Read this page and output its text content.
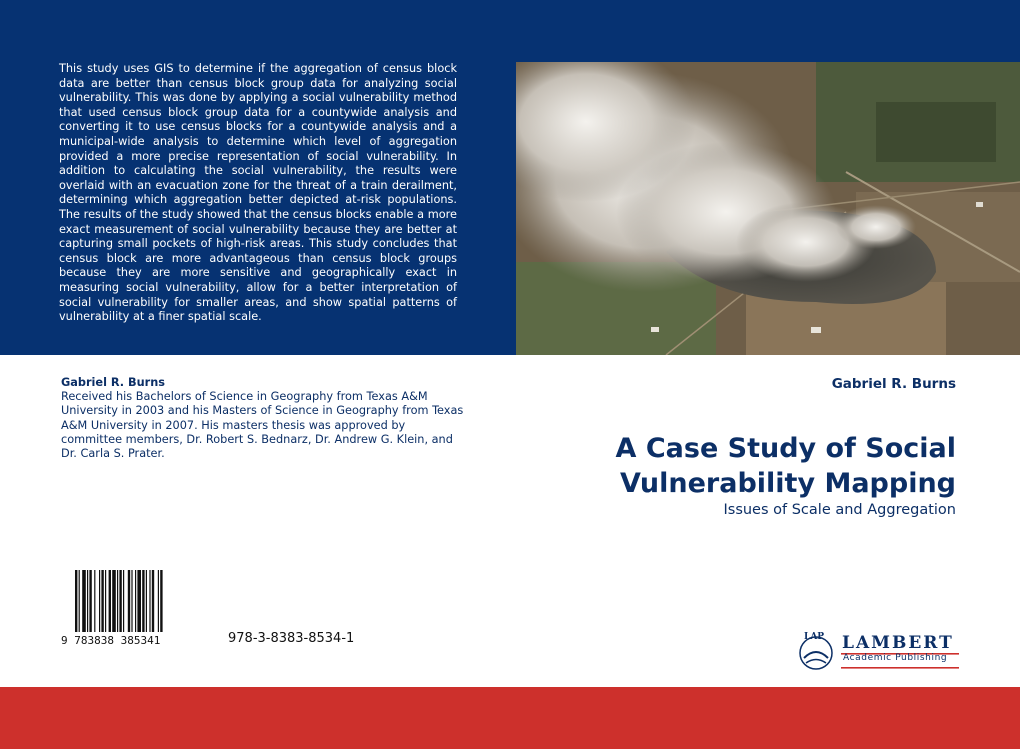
This study uses GIS to determine if the aggregation of census block data are better than census block group data for analyzing social vulnerability. This was done by applying a social vulnerability method that used census block group data for a countywide analysis and converting it to use census blocks for a countywide analysis and a municipal-wide analysis to determine which level of aggregation provided a more precise representation of social vulnerability. In addition to calculating the social vulnerability, the results were overlaid with an evacuation zone for the threat of a train derailment, determining which aggregation better depicted at-risk populations. The results of the study showed that the census blocks enable a more exact measurement of social vulnerability because they are better at capturing small pockets of high-risk areas. This study concludes that census block are more advantageous than census block groups because they are more sensitive and geographically exact in measuring social vulnerability, allow for a better interpretation of social vulnerability for smaller areas, and show spatial patterns of vulnerability at a finer spatial scale.

Gabriel R. Burns
Received his Bachelors of Science in Geography from Texas A&M University in 2003 and his Masters of Science in Geography from Texas A&M University in 2007. His masters thesis was approved by committee members, Dr. Robert S. Bednarz, Dr. Andrew G. Klein, and Dr. Carla S. Prater.
Gabriel R. Burns
A Case Study of Social
Vulnerability Mapping
Issues of Scale and Aggregation
9 783838 385341	978-3-8383-8534-1	LAP LAMBERT
Academic Publishing
